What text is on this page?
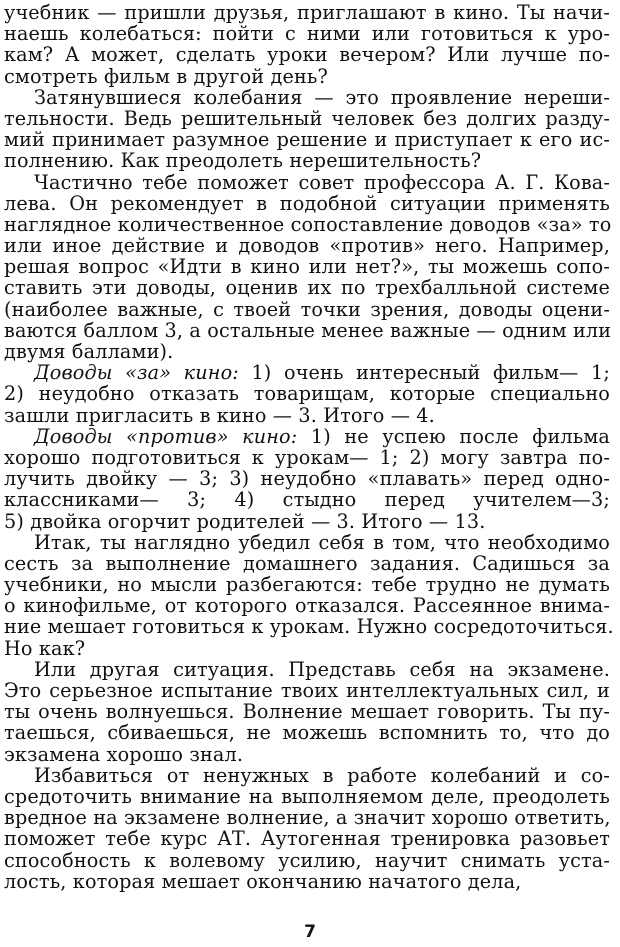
учебник — пришли друзья, приглашают в кино. Ты начи-
наешь колебаться: пойти с ними или готовиться к уро-
кам? А может, сделать уроки вечером? Или лучше по-
смотреть фильм в другой день?
Затянувшиеся колебания — это проявление нереши-
тельности. Ведь решительный человек без долгих разду-
мий принимает разумное решение и приступает к его ис-
полнению. Как преодолеть нерешительность?
Частично тебе поможет совет профессора А. Г. Кова-
лева. Он рекомендует в подобной ситуации применять
наглядное количественное сопоставление доводов «за» то
или иное действие и доводов «против» него. Например,
решая вопрос «Идти в кино или нет?», ты можешь сопо-
ставить эти доводы, оценив их по трехбалльной системе
(наиболее важные, с твоей точки зрения, доводы оцени-
ваются баллом 3, а остальные менее важные — одним или
двумя баллами).
Доводы «за» кино: 1) очень интересный фильм— 1;
2) неудобно отказать товарищам, которые специально
зашли пригласить в кино — 3. Итого — 4.
Доводы «против» кино: 1) не успею после фильма
хорошо подготовиться к урокам— 1; 2) могу завтра по-
лучить двойку — 3; 3) неудобно «плавать» перед одно-
классниками— 3; 4) стыдно перед учителем—3;
5) двойка огорчит родителей — 3. Итого — 13.
Итак, ты наглядно убедил себя в том, что необходимо
сесть за выполнение домашнего задания. Садишься за
учебники, но мысли разбегаются: тебе трудно не думать
о кинофильме, от которого отказался. Рассеянное внима-
ние мешает готовиться к урокам. Нужно сосредоточиться.
Но как?
Или другая ситуация. Представь себя на экзамене.
Это серьезное испытание твоих интеллектуальных сил, и
ты очень волнуешься. Волнение мешает говорить. Ты пу-
таешься, сбиваешься, не можешь вспомнить то, что до
экзамена хорошо знал.
Избавиться от ненужных в работе колебаний и со-
средоточить внимание на выполняемом деле, преодолеть
вредное на экзамене волнение, а значит хорошо ответить,
поможет тебе курс АТ. Аутогенная тренировка разовьет
способность к волевому усилию, научит снимать уста-
лость, которая мешает окончанию начатого дела,
7
